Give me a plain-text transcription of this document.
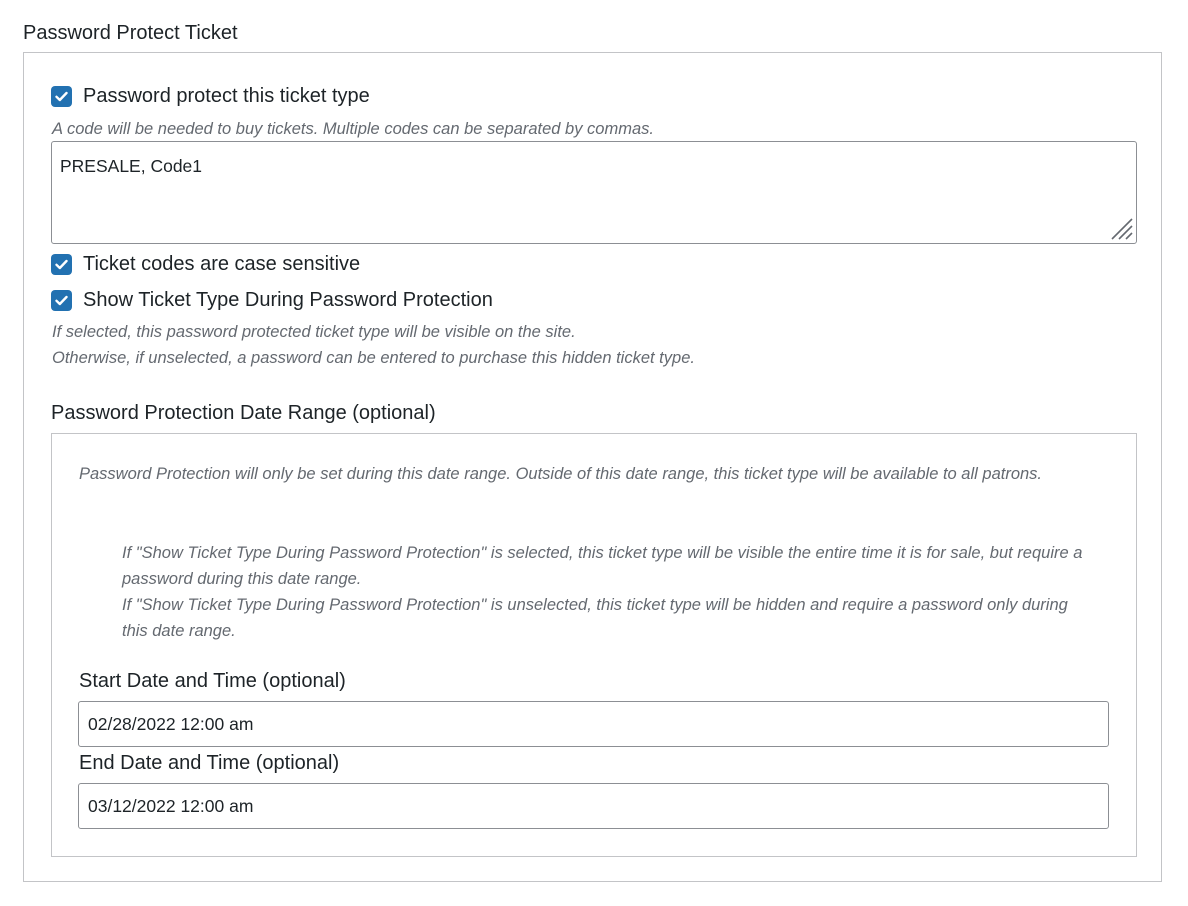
Password Protect Ticket
Password protect this ticket type
A code will be needed to buy tickets. Multiple codes can be separated by commas.
PRESALE, Code1
Ticket codes are case sensitive
Show Ticket Type During Password Protection
If selected, this password protected ticket type will be visible on the site.
Otherwise, if unselected, a password can be entered to purchase this hidden ticket type.
Password Protection Date Range (optional)
Password Protection will only be set during this date range. Outside of this date range, this ticket type will be available to all patrons.
If "Show Ticket Type During Password Protection" is selected, this ticket type will be visible the entire time it is for sale, but require a password during this date range.
If "Show Ticket Type During Password Protection" is unselected, this ticket type will be hidden and require a password only during this date range.
Start Date and Time (optional)
02/28/2022 12:00 am
End Date and Time (optional)
03/12/2022 12:00 am
